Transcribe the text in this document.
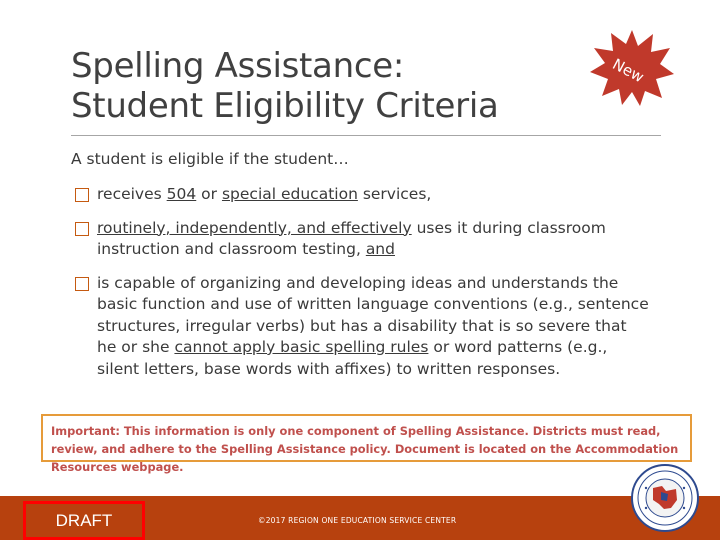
Spelling Assistance:
Student Eligibility Criteria
New
A student is eligible if the student…
receives 504 or special education services,
routinely, independently, and effectively uses it during classroom instruction and classroom testing, and
is capable of organizing and developing ideas and understands the basic function and use of written language conventions (e.g., sentence structures, irregular verbs) but has a disability that is so severe that he or she cannot apply basic spelling rules or word patterns (e.g., silent letters, base words with affixes) to written responses.
Important: This information is only one component of Spelling Assistance. Districts must read, review, and adhere to the Spelling Assistance policy. Document is located on the Accommodation Resources webpage.
DRAFT	©2017 REGION ONE EDUCATION SERVICE CENTER
